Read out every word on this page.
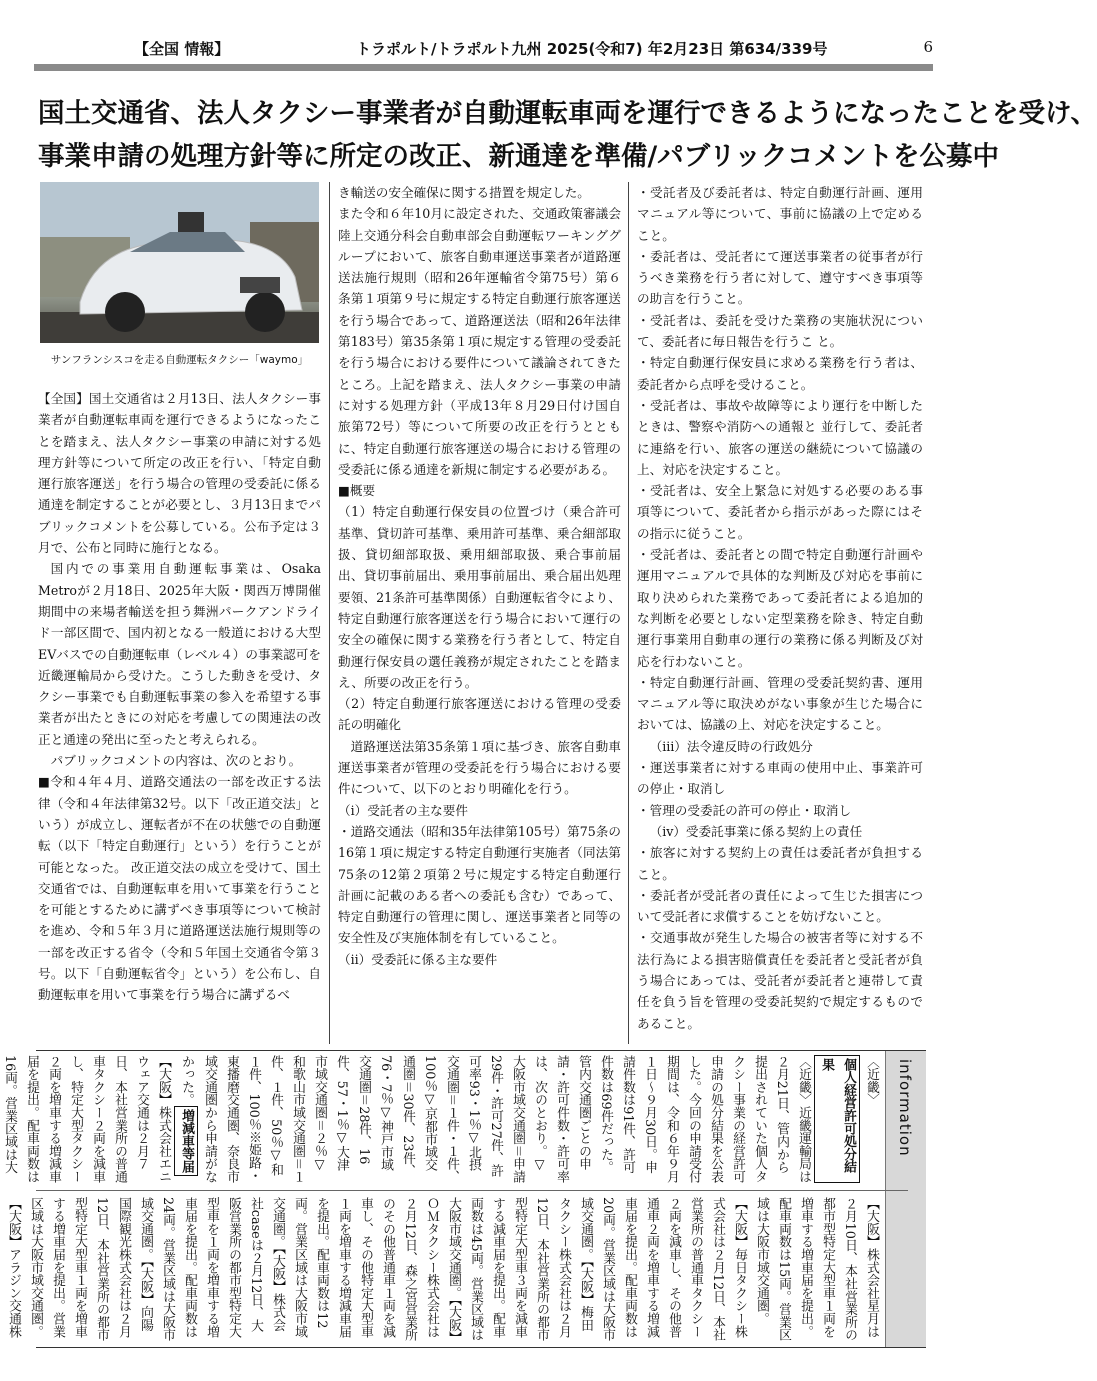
【全国 情報】	トラポルト/トラポルト九州 2025(令和7) 年2月23日 第634/339号	6
国土交通省、法人タクシー事業者が自動運転車両を運行できるようになったことを受け、
事業申請の処理方針等に所定の改正、新通達を準備/パブリックコメントを公募中
サンフランシスコを走る自動運転タクシー「waymo」

【全国】国土交通省は２月13日、法人タクシー事業者が自動運転車両を運行できるようになったことを踏まえ、法人タクシー事業の申請に対する処理方針等について所定の改正を行い、「特定自動運行旅客運送」を行う場合の管理の受委託に係る通達を制定することが必要とし、３月13日までパブリックコメントを公募している。公布予定は３月で、公布と同時に施行となる。

国内での事業用自動運転事業は、Osaka Metroが２月18日、2025年大阪・関西万博開催期間中の来場者輸送を担う舞洲パークアンドライド一部区間で、国内初となる一般道における大型EVバスでの自動運転車（レベル４）の事業認可を近畿運輸局から受けた。こうした動きを受け、タクシー事業でも自動運転事業の参入を希望する事業者が出たときにの対応を考慮しての関連法の改正と通達の発出に至ったと考えられる。

パブリックコメントの内容は、次のとおり。

■令和４年４月、道路交通法の一部を改正する法律（令和４年法律第32号。以下「改正道交法」という）が成立し、運転者が不在の状態での自動運転（以下「特定自動運行」という）を行うことが可能となった。 改正道交法の成立を受けて、国土交通省では、自動運転車を用いて事業を行うことを可能とするために講ずべき事項等について検討を進め、令和５年３月に道路運送法施行規則等の一部を改正する省令（令和５年国土交通省令第３号。以下「自動運転省令」という）を公布し、自動運転車を用いて事業を行う場合に講ずるべ

き輸送の安全確保に関する措置を規定した。

また令和６年10月に設定された、交通政策審議会陸上交通分科会自動車部会自動運転ワーキンググループにおいて、旅客自動車運送事業者が道路運送法施行規則（昭和26年運輸省令第75号）第６条第１項第９号に規定する特定自動運行旅客運送を行う場合であって、道路運送法（昭和26年法律第183号）第35条第１項に規定する管理の受委託を行う場合における要件について議論されてきたところ。上記を踏まえ、法人タクシー事業の申請に対する処理方針（平成13年８月29日付け国自旅第72号）等について所要の改正を行うとともに、特定自動運行旅客運送の場合における管理の受委託に係る通達を新規に制定する必要がある。

■概要

（1）特定自動運行保安員の位置づけ（乗合許可基準、貸切許可基準、乗用許可基準、乗合細部取扱、貸切細部取扱、乗用細部取扱、乗合事前届出、貸切事前届出、乗用事前届出、乗合届出処理要領、21条許可基準関係）自動運転省令により、特定自動運行旅客運送を行う場合において運行の安全の確保に関する業務を行う者として、特定自動運行保安員の選任義務が規定されたことを踏まえ、所要の改正を行う。

（2）特定自動運行旅客運送における管理の受委託の明確化

道路運送法第35条第１項に基づき、旅客自動車運送事業者が管理の受委託を行う場合における要件について、以下のとおり明確化を行う。

（ⅰ）受託者の主な要件

・道路交通法（昭和35年法律第105号）第75条の16第１項に規定する特定自動運行実施者（同法第75条の12第２項第２号に規定する特定自動運行計画に記載のある者への委託も含む）であって、特定自動運行の管理に関し、運送事業者と同等の安全性及び実施体制を有していること。

（ⅱ）受委託に係る主な要件

・受託者及び委託者は、特定自動運行計画、運用マニュアル等について、事前に協議の上で定めること。

・委託者は、受託者にて運送事業者の従事者が行うべき業務を行う者に対して、遵守すべき事項等の助言を行うこと。

・受託者は、委託を受けた業務の実施状況について、委託者に毎日報告を行うこ と。

・特定自動運行保安員に求める業務を行う者は、委託者から点呼を受けること。

・受託者は、事故や故障等により運行を中断したときは、警察や消防への通報と 並行して、委託者に連絡を行い、旅客の運送の継続について協議の上、対応を決定すること。

・受託者は、安全上緊急に対処する必要のある事項等について、委託者から指示があった際にはその指示に従うこと。

・受託者は、委託者との間で特定自動運行計画や運用マニュアルで具体的な判断及び対応を事前に取り決められた業務であって委託者による追加的な判断を必要としない定型業務を除き、特定自動運行事業用自動車の運行の業務に係る判断及び対応を行わないこと。

・特定自動運行計画、管理の受委託契約書、運用マニュアル等に取決めがない事象が生じた場合においては、協議の上、対応を決定すること。

（ⅲ）法令違反時の行政処分

・運送事業者に対する車両の使用中止、事業許可の停止・取消し

・管理の受委託の許可の停止・取消し

（ⅳ）受委託事業に係る契約上の責任

・旅客に対する契約上の責任は委託者が負担すること。

・委託者が受託者の責任によって生じた損害について受託者に求償することを妨げないこと。

・交通事故が発生した場合の被害者等に対する不法行為による損害賠償責任を委託者と受託者が負う場合にあっては、受託者が委託者と連帯して責任を負う旨を管理の受委託契約で規定するものであること。

information
〈近畿〉 個人経営許可処分結果 〈近畿〉近畿運輸局は２月21日、管内から提出されていた個人タクシー事業の経営許可申請の処分結果を公表した。今回の申請受付期間は、令和６年９月１日〜９月30日。申請件数は91件、許可件数は69件だった。管内交通圏ごとの申請・許可件数・許可率は、次のとおり。▽大阪市域交通圏＝申請29件・許可27件、許可率93・1％▽北摂交通圏＝１件・１件、100％▽京都市域交通圏＝30件、23件、76・7％▽神戸市域交通圏＝28件、16件、57・1％▽大津市域交通圏＝２％▽和歌山市域交通圏＝１件、１件、50％▽和１件、100％※姫路・東播磨交通圏、奈良市域交通圏から申請がなかった。増減車等届【大阪】株式会社エニウェア交通は２月７日、本社営業所の普通車タクシー２両を減車し、特定大型タクシー２両を増車する増減車届を提出。配車両数は16両。営業区域は大
【大阪】株式会社星月は２月10日、本社営業所の都市型特定大型車１両を増車する増車届を提出。配車両数は15両。営業区域は大阪市域交通圏。【大阪】毎日タクシー株式会社は２月12日、本社営業所の普通車タクシー２両を減車し、その他普通車２両を増車する増減車届を提出。配車両数は20両。営業区域は大阪市域交通圏。【大阪】梅田タクシー株式会社は２月12日、本社営業所の都市型特定大型車３両を減車する減車届を提出。配車両数は45両。営業区域は大阪市域交通圏。【大阪】ＯＭタクシー株式会社は２月12日、森之宮営業所のその他普通車１両を減車し、その他特定大型車１両を増車する増減車届を提出。配車両数は12両。営業区域は大阪市域交通圏。【大阪】株式会社caseは２月12日、大阪営業所の都市型特定大型車を１両を増車する増車届を提出。配車両数は24両。営業区域は大阪市域交通圏。【大阪】向陽国際観光株式会社は２月12日、本社営業所の都市型特定大型車１両を増車する増車届を提出。営業区域は大阪市域交通圏。【大阪】アラジン交通株
